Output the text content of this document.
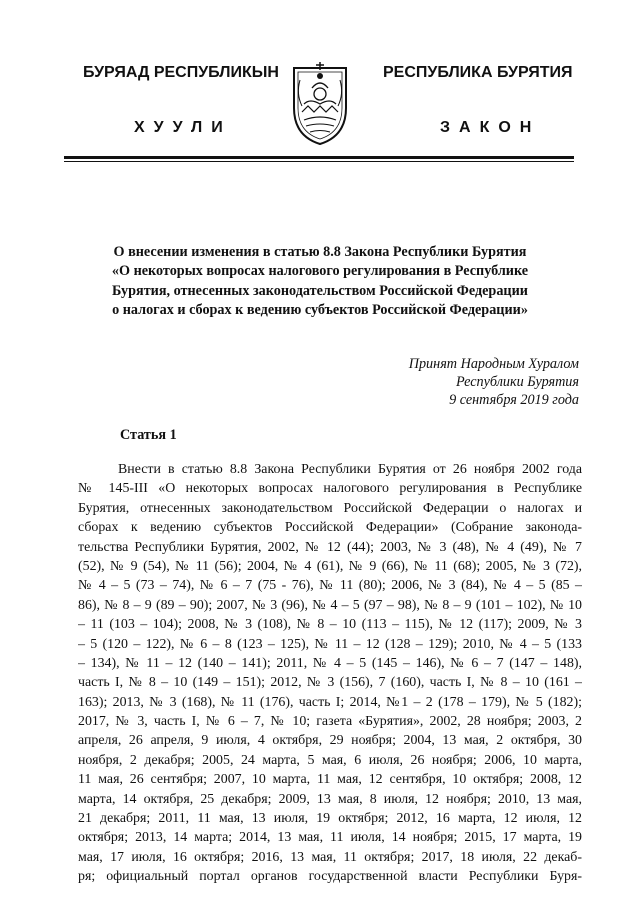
БУРЯАД РЕСПУБЛИКЫН
ХУУЛИ
РЕСПУБЛИКА БУРЯТИЯ
ЗАКОН
О внесении изменения в статью 8.8 Закона Республики Бурятия
«О некоторых вопросах налогового регулирования в Республике
Бурятия, отнесенных законодательством Российской Федерации
о налогах и сборах к ведению субъектов Российской Федерации»
Принят Народным Хуралом
Республики Бурятия
9 сентября 2019 года
Статья 1
Внести в статью 8.8 Закона Республики Бурятия от 26 ноября 2002 года
№ 145-III «О некоторых вопросах налогового регулирования в Республике
Бурятия, отнесенных законодательством Российской Федерации о налогах и
сборах к ведению субъектов Российской Федерации» (Собрание законода-
тельства Республики Бурятия, 2002, № 12 (44); 2003, № 3 (48), № 4 (49), № 7
(52), № 9 (54), № 11 (56); 2004, № 4 (61), № 9 (66), № 11 (68); 2005, № 3 (72),
№ 4 – 5 (73 – 74), № 6 – 7 (75 - 76), № 11 (80); 2006, № 3 (84), № 4 – 5 (85 –
86), № 8 – 9 (89 – 90); 2007, № 3 (96), № 4 – 5 (97 – 98), № 8 – 9 (101 – 102), № 10
– 11 (103 – 104); 2008, № 3 (108), № 8 – 10 (113 – 115), № 12 (117); 2009, № 3
– 5 (120 – 122), № 6 – 8 (123 – 125), № 11 – 12 (128 – 129); 2010, № 4 – 5 (133
– 134), № 11 – 12 (140 – 141); 2011, № 4 – 5 (145 – 146), № 6 – 7 (147 – 148),
часть I, № 8 – 10 (149 – 151); 2012, № 3 (156), 7 (160), часть I, № 8 – 10 (161 –
163); 2013, № 3 (168), № 11 (176), часть I; 2014, №1 – 2 (178 – 179), № 5 (182);
2017, № 3, часть I, № 6 – 7, № 10; газета «Бурятия», 2002, 28 ноября; 2003, 2
апреля, 26 апреля, 9 июля, 4 октября, 29 ноября; 2004, 13 мая, 2 октября, 30
ноября, 2 декабря; 2005, 24 марта, 5 мая, 6 июля, 26 ноября; 2006, 10 марта,
11 мая, 26 сентября; 2007, 10 марта, 11 мая, 12 сентября, 10 октября; 2008, 12
марта, 14 октября, 25 декабря; 2009, 13 мая, 8 июля, 12 ноября; 2010, 13 мая,
21 декабря; 2011, 11 мая, 13 июля, 19 октября; 2012, 16 марта, 12 июля, 12
октября; 2013, 14 марта; 2014, 13 мая, 11 июля, 14 ноября; 2015, 17 марта, 19
мая, 17 июля, 16 октября; 2016, 13 мая, 11 октября; 2017, 18 июля, 22 декаб-
ря; официальный портал органов государственной власти Республики Буря-
